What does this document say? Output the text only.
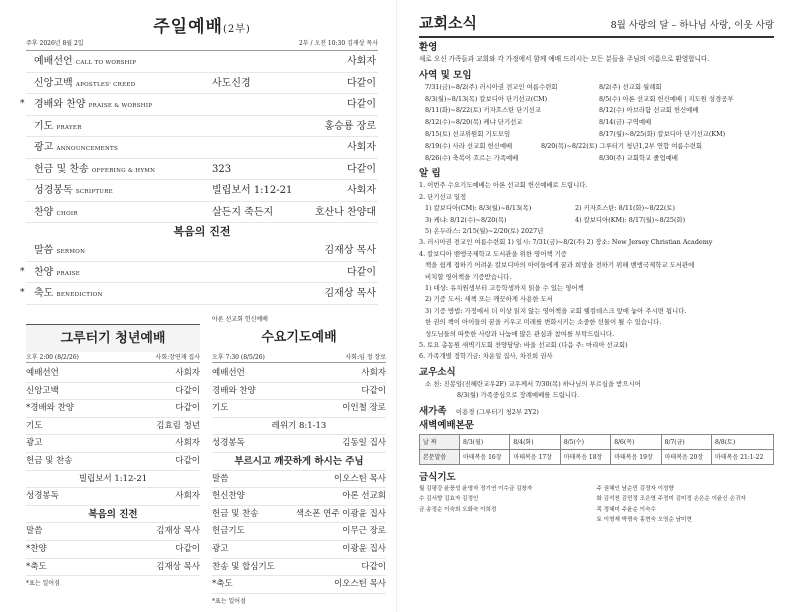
주일예배(2부)
주후 2026년 8월 2일	2부 / 오전 10:30 김재상 목사
예배선언 CALL TO WORSHIP	사회자
신앙고백 APOSTLES' CREED	사도신경	다같이
* 경배와 찬양 PRAISE & WORSHIP	다같이
기도 PRAYER	홍승룡 장로
광고 ANNOUNCEMENTS	사회자
헌금 및 찬송 OFFERING & HYMN	323	다같이
성경봉독 SCRIPTURE	빌립보서 1:12-21	사회자
찬양 CHOIR	살든지 죽든지	호산나 찬양대
복음의 진전
말씀 SERMON	김재상 목사
* 찬양 PRAISE	다같이
* 축도 BENEDICTION	김재상 목사
그루터기 청년예배
오후 2:00 (8/2/26)	사회:장연재 집사
예배선언	사회자
신앙고백	다같이
*경배와 찬양	다같이
기도	김효림 청년
광고	사회자
헌금 및 찬송	다같이
빌립보서 1:12-21
성경봉독	사회자
복음의 진전
말씀	김재상 목사
*찬양	다같이
*축도	김재상 목사
*표는 일어섬
아론 선교회 헌신예배
수요기도예배
오후 7:30 (8/5/26)	사회:임 정 장로
예배선언	사회자
경배와 찬양	다같이
기도	이인철 장로
레위기 8:1-13
성경봉독	김동일 집사
부르시고 깨끗하게 하시는 주님
말씀	이오스틴 목사
헌신찬양	아론 선교회
헌금 및 찬송	색소폰 연주 이광윤 집사
헌금기도	이무근 장로
광고	이광윤 집사
찬송 및 합심기도	다같이
*축도	이오스틴 목사
*표는 일어섬
교회소식	8월 사랑의 달 – 하나님 사랑, 이웃 사랑
환영
새로 오신 가족들과 교회와 각 가정에서 함께 예배 드리시는 모든 분들을 주님의 이름으로 환영합니다.
사역 및 모임
7/31(금)~8/2(주) 러시아권 전교인 여름수련회	8/2(주) 선교회 월례회
8/3(월)~8/13(목) 칼보디아 단기선교(CM)	8/5(수) 아론 선교회 헌신예배 | 지도원 성경공부
8/11(화)~8/22(토) 키자흐스탄 단기선교	8/12(수) 아브라함 선교회 헌신예배
8/12(수)~8/20(목) 케냐 단기선교	8/14(금) 구역예배
8/15(토) 선교위원회 기도모임	8/17(월)~8/25(화) 칼보디아 단기선교(KM)
8/19(수) 사라 선교회 헌신예배	8/20(목)~8/22(토) 그루터기 청년1,2부 연합 여름수련회
8/26(수) 축복이 흐르는 가족예배	8/30(주) 교회학교 졸업예배
알 림
1. 이번주 수요기도예배는 아론 선교회 헌신예배로 드립니다.
2. 단기선교 일정
1) 칼보디아(CM): 8/3(월)~8/13(목)	2) 키자흐스탄: 8/11(화)~8/22(토)
3) 케냐: 8/12(수)~8/20(목)	4) 칼보디아(KM): 8/17(월)~8/25(화)
5) 온두라스: 2/15(월)~2/20(토) 2027년
3. 러시아권 전교인 여름수련회 1) 일시: 7/31(금)~8/2(주) 2) 장소: New Jersey Christian Academy
4. 칼보디아 밴앵국제학교 도서관을 위한 영어책 기증
책을 쉽게 접하기 어려운 칼보디아의 아이들에게 꿈과 희망을 전하기 위해 밴앵국제학교 도서관에
비치할 영어책을 기증받습니다.
1) 대상: 유치원생부터 고등학생까지 읽을 수 있는 영어책
2) 기증 도서: 새책 또는 깨끗하게 사용한 도서
3) 기증 방법: 가정에서 더 이상 읽지 않는 영어책을 교회 웰컴데스크 앞에 놓아 주시면 됩니다.
한 권의 책이 아이들의 꿈을 키우고 미래를 변화시키는 소중한 선물이 될 수 있습니다.
성도님들의 따뜻한 사랑과 나눔에 많은 관심과 참여를 부탁드립니다.
5. 토요 총동원 새벽기도회 찬양담당: 바울 선교회 (다음 주: 마리아 선교회)
6. 가족개별 정학기금: 차운일 집사, 차진희 권사
교우소식
소 천: 진봉임(진혜란교우2F) 교우께서 7/30(목) 하나님의 부르심을 받으시어
8/3(월) 가족중심으로 장례예배를 드립니다.
새가족 이용경 (그루터기 청2부 2Y2)
새벽예배본문
날 짜	8/3(월)	8/4(화)	8/5(수)	8/6(목)	8/7(금)	8/8(토)
본문말씀	마태복음 16장	마태복음 17장	마태복음 18장	마태복음 19장	마태복음 20장	마태복음 21:1-22
금식기도
월 김평강 윤풍성 윤영자 정기연 이수금 김창자
수 김서향 김효자 김정인
금 송정순 이숙희 오화숙 이희정
주 권혜인 남순민 김정자 이정향
화 김석천 김민정 조은영 주정미 김미정 손은순 이윤신 손귀자
목 정혜미 주윤순 이숙수
토 이명재 박명숙 홍현숙 오영순 남미현
